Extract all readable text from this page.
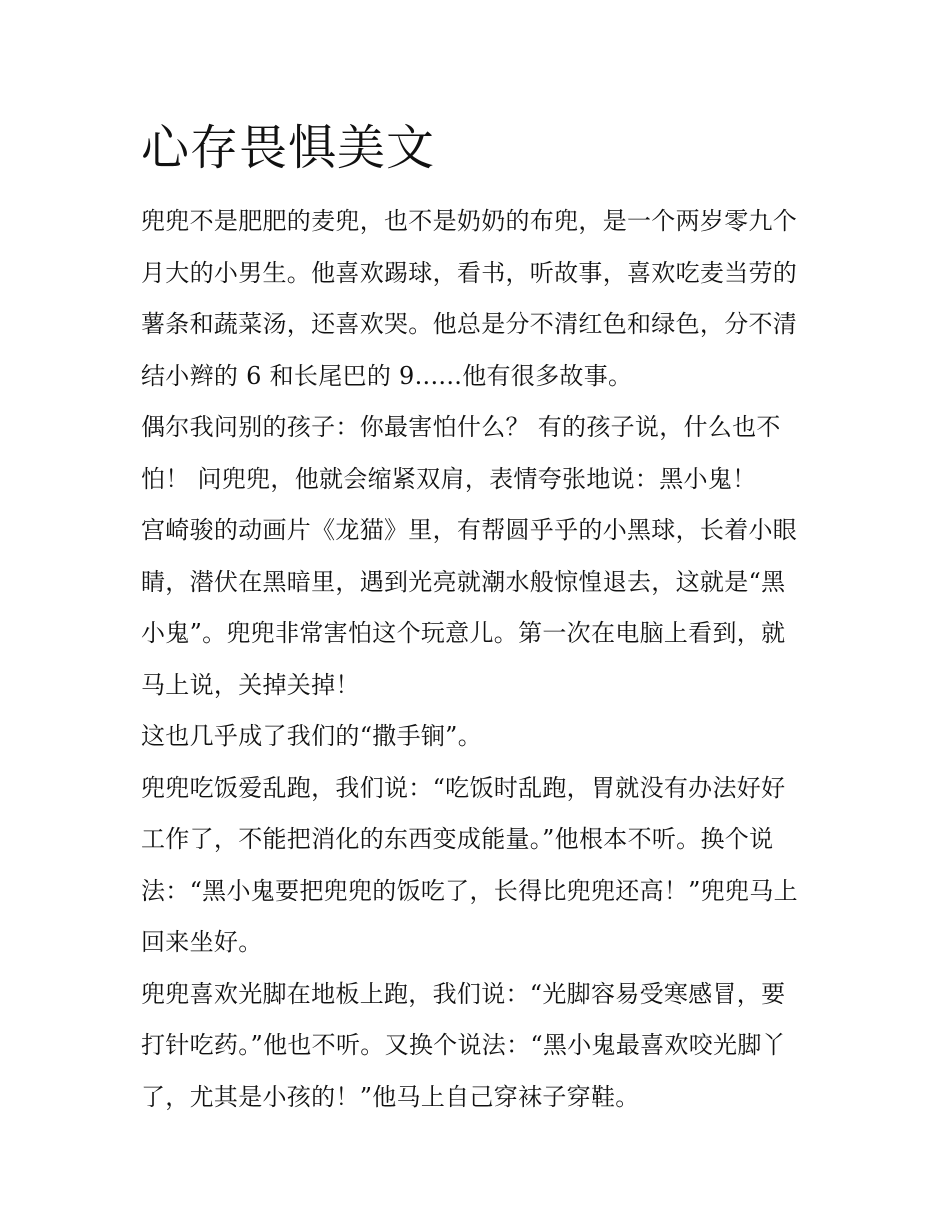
心存畏惧美文

兜兜不是肥肥的麦兜，也不是奶奶的布兜，是一个两岁零九个
月大的小男生。他喜欢踢球，看书，听故事，喜欢吃麦当劳的
薯条和蔬菜汤，还喜欢哭。他总是分不清红色和绿色，分不清
结小辫的 6 和长尾巴的 9......他有很多故事。

偶尔我问别的孩子：你最害怕什么？ 有的孩子说，什么也不
怕！ 问兜兜，他就会缩紧双肩，表情夸张地说：黑小鬼！

宫崎骏的动画片《龙猫》里，有帮圆乎乎的小黑球，长着小眼
睛，潜伏在黑暗里，遇到光亮就潮水般惊惶退去，这就是“黑
小鬼”。兜兜非常害怕这个玩意儿。第一次在电脑上看到，就
马上说，关掉关掉！

这也几乎成了我们的“撒手锏”。

兜兜吃饭爱乱跑，我们说：“吃饭时乱跑，胃就没有办法好好
工作了，不能把消化的东西变成能量。”他根本不听。换个说
法：“黑小鬼要把兜兜的饭吃了，长得比兜兜还高！”兜兜马上
回来坐好。

兜兜喜欢光脚在地板上跑，我们说：“光脚容易受寒感冒，要
打针吃药。”他也不听。又换个说法：“黑小鬼最喜欢咬光脚丫
了，尤其是小孩的！”他马上自己穿袜子穿鞋。
